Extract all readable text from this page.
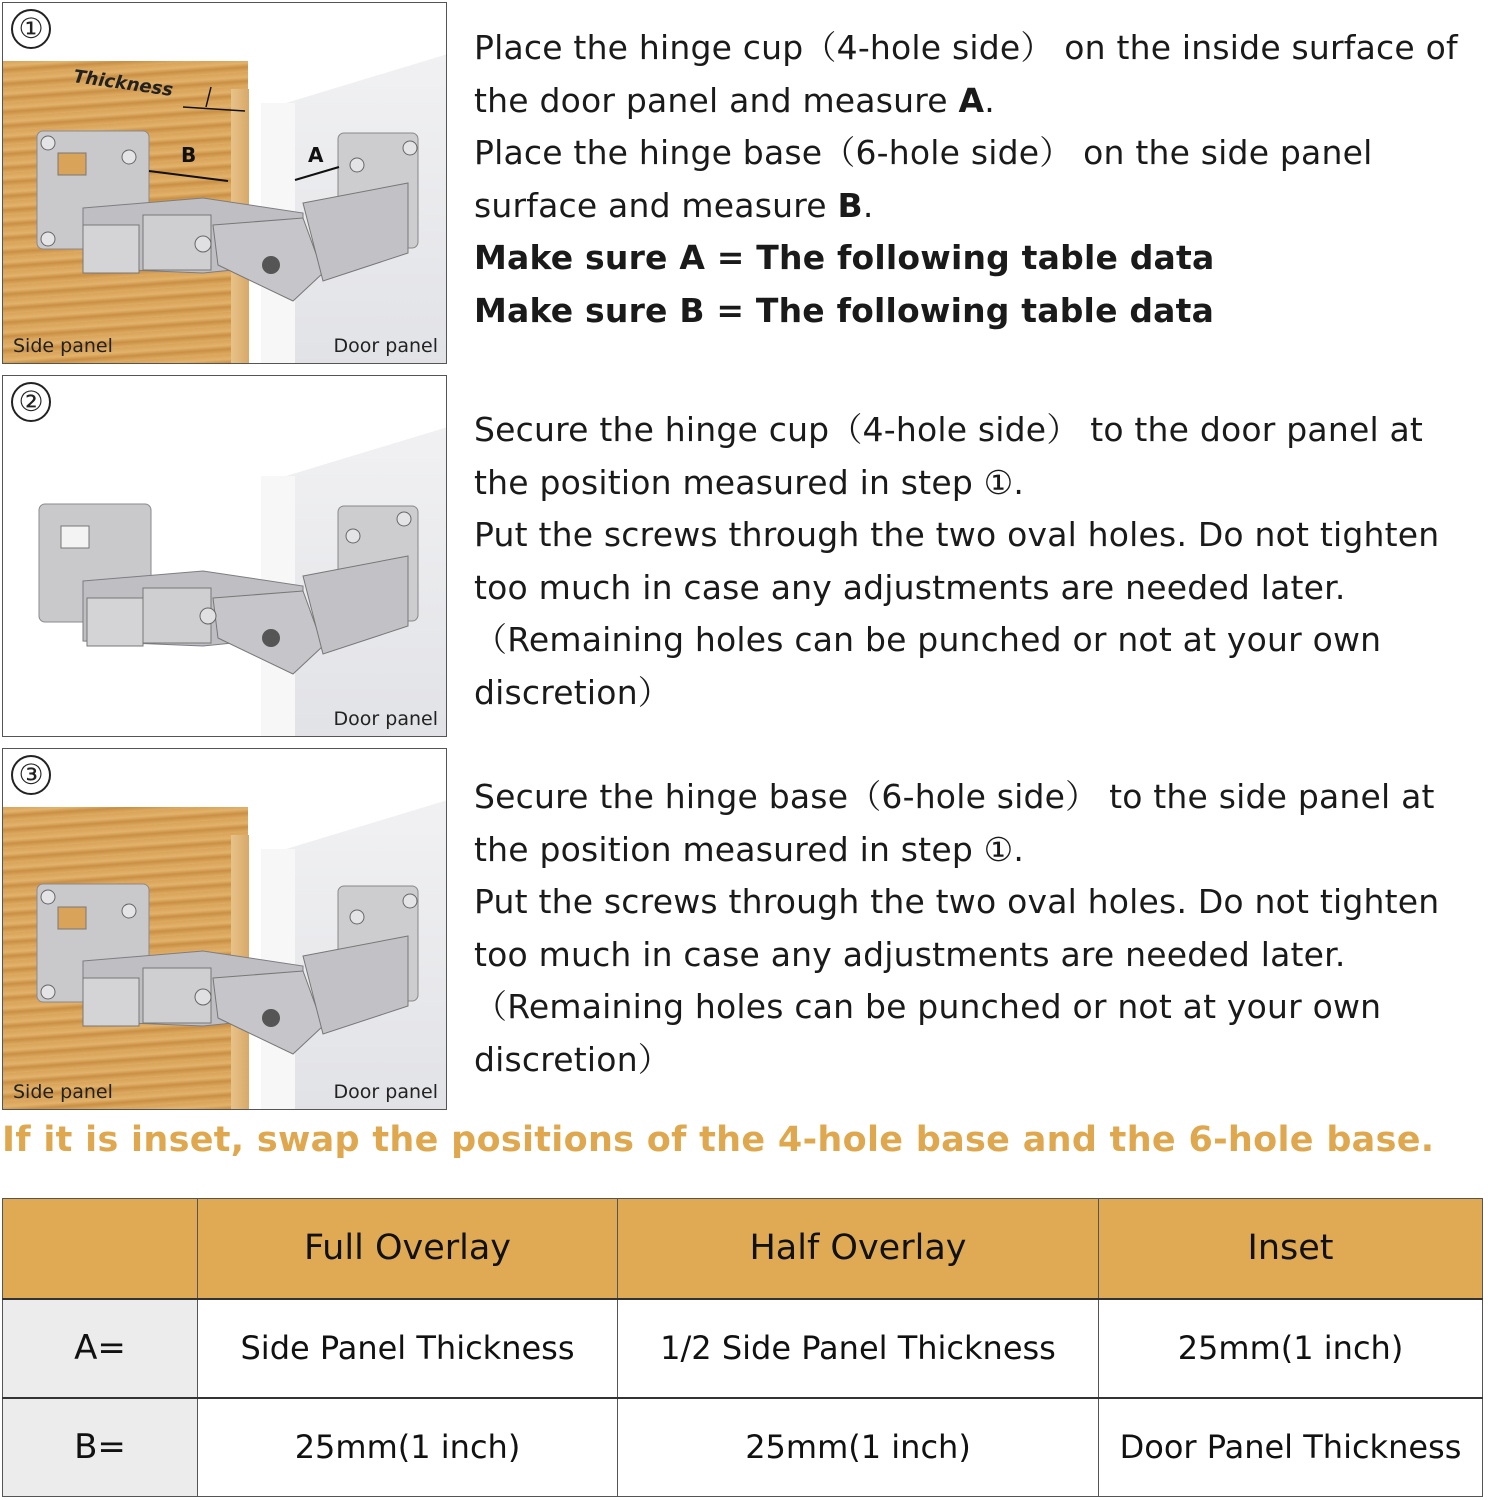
Thickness
B	A
①
Side panel	Door panel
Place the hinge cup（4-hole side） on the inside surface of
the door panel and measure A.
Place the hinge base（6-hole side） on the side panel
surface and measure B.
Make sure A = The following table data
Make sure B = The following table data
②
Door panel
Secure the hinge cup（4-hole side） to the door panel at
the position measured in step ①.
Put the screws through the two oval holes. Do not tighten
too much in case any adjustments are needed later.
（Remaining holes can be punched or not at your own
discretion）
③
Side panel	Door panel
Secure the hinge base（6-hole side） to the side panel at
the position measured in step ①.
Put the screws through the two oval holes. Do not tighten
too much in case any adjustments are needed later.
（Remaining holes can be punched or not at your own
discretion）
If it is inset, swap the positions of the 4-hole base and the 6-hole base.
	Full Overlay	Half Overlay	Inset
A=	Side Panel Thickness	1/2 Side Panel Thickness	25mm(1 inch)
B=	25mm(1 inch)	25mm(1 inch)	Door Panel Thickness
